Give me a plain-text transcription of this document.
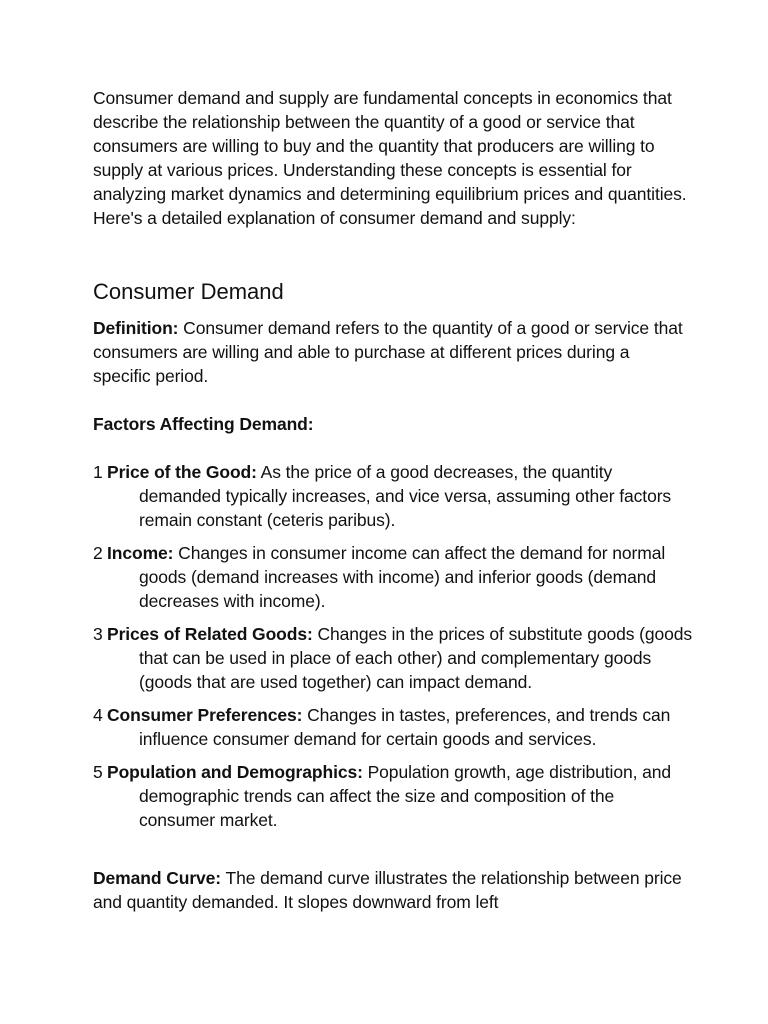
Consumer demand and supply are fundamental concepts in economics that describe the relationship between the quantity of a good or service that consumers are willing to buy and the quantity that producers are willing to supply at various prices. Understanding these concepts is essential for analyzing market dynamics and determining equilibrium prices and quantities. Here's a detailed explanation of consumer demand and supply:

Consumer Demand

Definition: Consumer demand refers to the quantity of a good or service that consumers are willing and able to purchase at different prices during a specific period.

Factors Affecting Demand:

1 Price of the Good: As the price of a good decreases, the quantity demanded typically increases, and vice versa, assuming other factors remain constant (ceteris paribus).
2 Income: Changes in consumer income can affect the demand for normal goods (demand increases with income) and inferior goods (demand decreases with income).
3 Prices of Related Goods: Changes in the prices of substitute goods (goods that can be used in place of each other) and complementary goods (goods that are used together) can impact demand.
4 Consumer Preferences: Changes in tastes, preferences, and trends can influence consumer demand for certain goods and services.
5 Population and Demographics: Population growth, age distribution, and demographic trends can affect the size and composition of the consumer market.

Demand Curve: The demand curve illustrates the relationship between price and quantity demanded. It slopes downward from left
